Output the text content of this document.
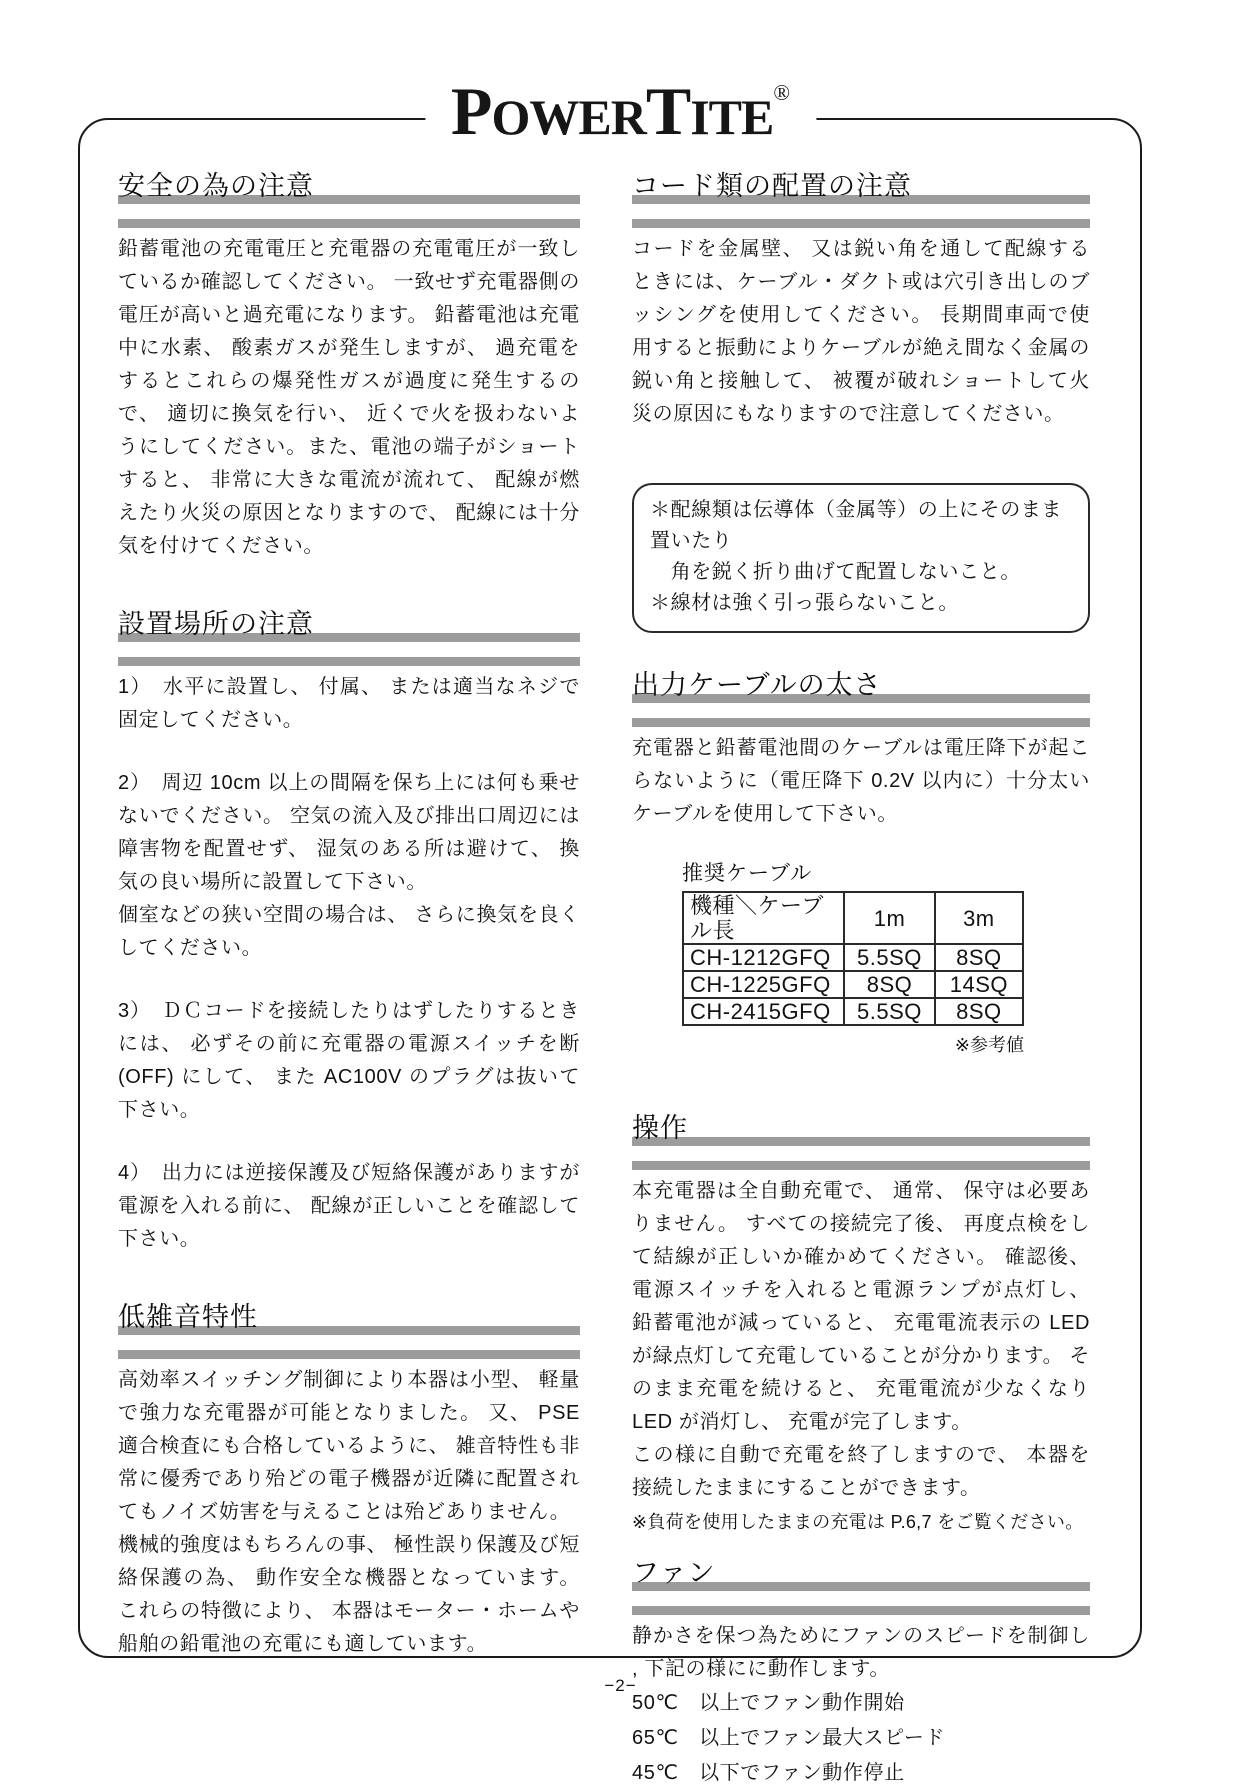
POWERTITE®
安全の為の注意
鉛蓄電池の充電電圧と充電器の充電電圧が一致しているか確認してください。 一致せず充電器側の電圧が高いと過充電になります。 鉛蓄電池は充電中に水素、 酸素ガスが発生しますが、 過充電をするとこれらの爆発性ガスが過度に発生するので、 適切に換気を行い、 近くで火を扱わないようにしてください。また、電池の端子がショートすると、 非常に大きな電流が流れて、 配線が燃えたり火災の原因となりますので、 配線には十分気を付けてください。
設置場所の注意
1）　水平に設置し、 付属、 または適当なネジで固定してください。
2）　周辺 10cm 以上の間隔を保ち上には何も乗せないでください。 空気の流入及び排出口周辺には障害物を配置せず、 湿気のある所は避けて、 換気の良い場所に設置して下さい。
個室などの狭い空間の場合は、 さらに換気を良くしてください。
3）　ＤＣコードを接続したりはずしたりするときには、 必ずその前に充電器の電源スイッチを断 (OFF) にして、 また AC100V のプラグは抜いて下さい。
4）　出力には逆接保護及び短絡保護がありますが電源を入れる前に、 配線が正しいことを確認して下さい。
低雑音特性
高効率スイッチング制御により本器は小型、 軽量で強力な充電器が可能となりました。 又、 PSE 適合検査にも合格しているように、 雑音特性も非常に優秀であり殆どの電子機器が近隣に配置されてもノイズ妨害を与えることは殆どありません。
機械的強度はもちろんの事、 極性誤り保護及び短絡保護の為、 動作安全な機器となっています。 これらの特徴により、 本器はモーター・ホームや船舶の鉛電池の充電にも適しています。
コード類の配置の注意
コードを金属壁、 又は鋭い角を通して配線するときには、ケーブル・ダクト或は穴引き出しのブッシングを使用してください。 長期間車両で使用すると振動によりケーブルが絶え間なく金属の鋭い角と接触して、 被覆が破れショートして火災の原因にもなりますので注意してください。
＊配線類は伝導体（金属等）の上にそのまま置いたり
　角を鋭く折り曲げて配置しないこと。
＊線材は強く引っ張らないこと。
出力ケーブルの太さ
充電器と鉛蓄電池間のケーブルは電圧降下が起こらないように（電圧降下 0.2V 以内に）十分太いケーブルを使用して下さい。
推奨ケーブル
機種＼ケーブル長	1m	3m
CH-1212GFQ	5.5SQ	8SQ
CH-1225GFQ	8SQ	14SQ
CH-2415GFQ	5.5SQ	8SQ
※参考値
操作
本充電器は全自動充電で、 通常、 保守は必要ありません。 すべての接続完了後、 再度点検をして結線が正しいか確かめてください。 確認後、 電源スイッチを入れると電源ランプが点灯し、 鉛蓄電池が減っていると、 充電電流表示の LED が緑点灯して充電していることが分かります。 そのまま充電を続けると、 充電電流が少なくなり LED が消灯し、 充電が完了します。
この様に自動で充電を終了しますので、 本器を接続したままにすることができます。
※負荷を使用したままの充電は P.6,7 をご覧ください。
ファン
静かさを保つ為ためにファンのスピードを制御し , 下記の様にに動作します。
50℃　以上でファン動作開始
65℃　以上でファン最大スピード
45℃　以下でファン動作停止
−2−
